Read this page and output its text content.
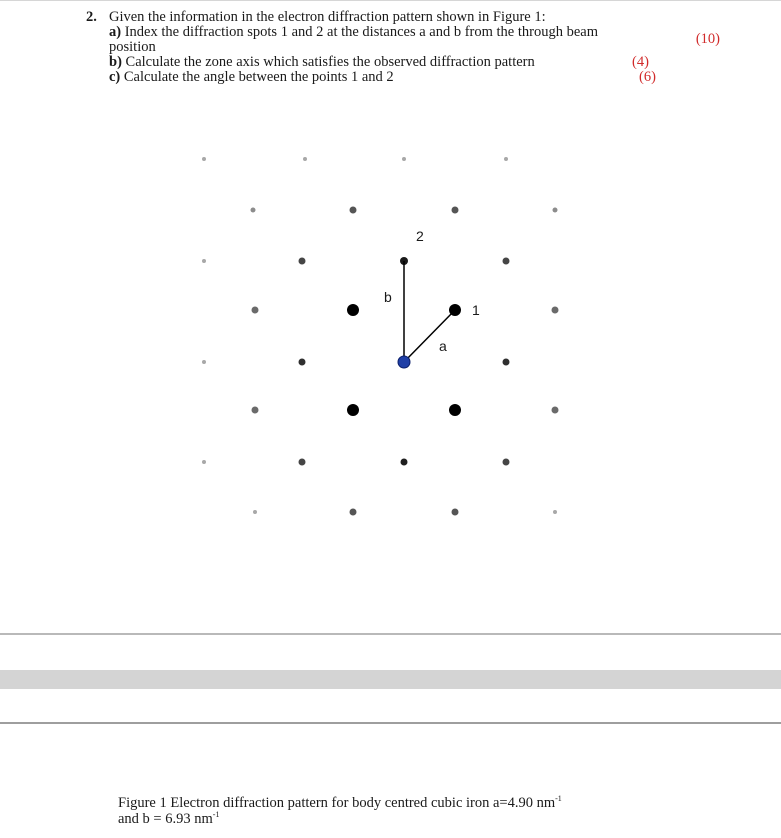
2. Given the information in the electron diffraction pattern shown in Figure 1:
a) Index the diffraction spots 1 and 2 at the distances a and b from the through beam
position	(10)
b) Calculate the zone axis which satisfies the observed diffraction pattern	(4)
c) Calculate the angle between the points 1 and 2	(6)
2
1
b
a
Figure 1 Electron diffraction pattern for body centred cubic iron a=4.90 $nm^{-1}$
and b = 6.93 $nm^{-1}$
